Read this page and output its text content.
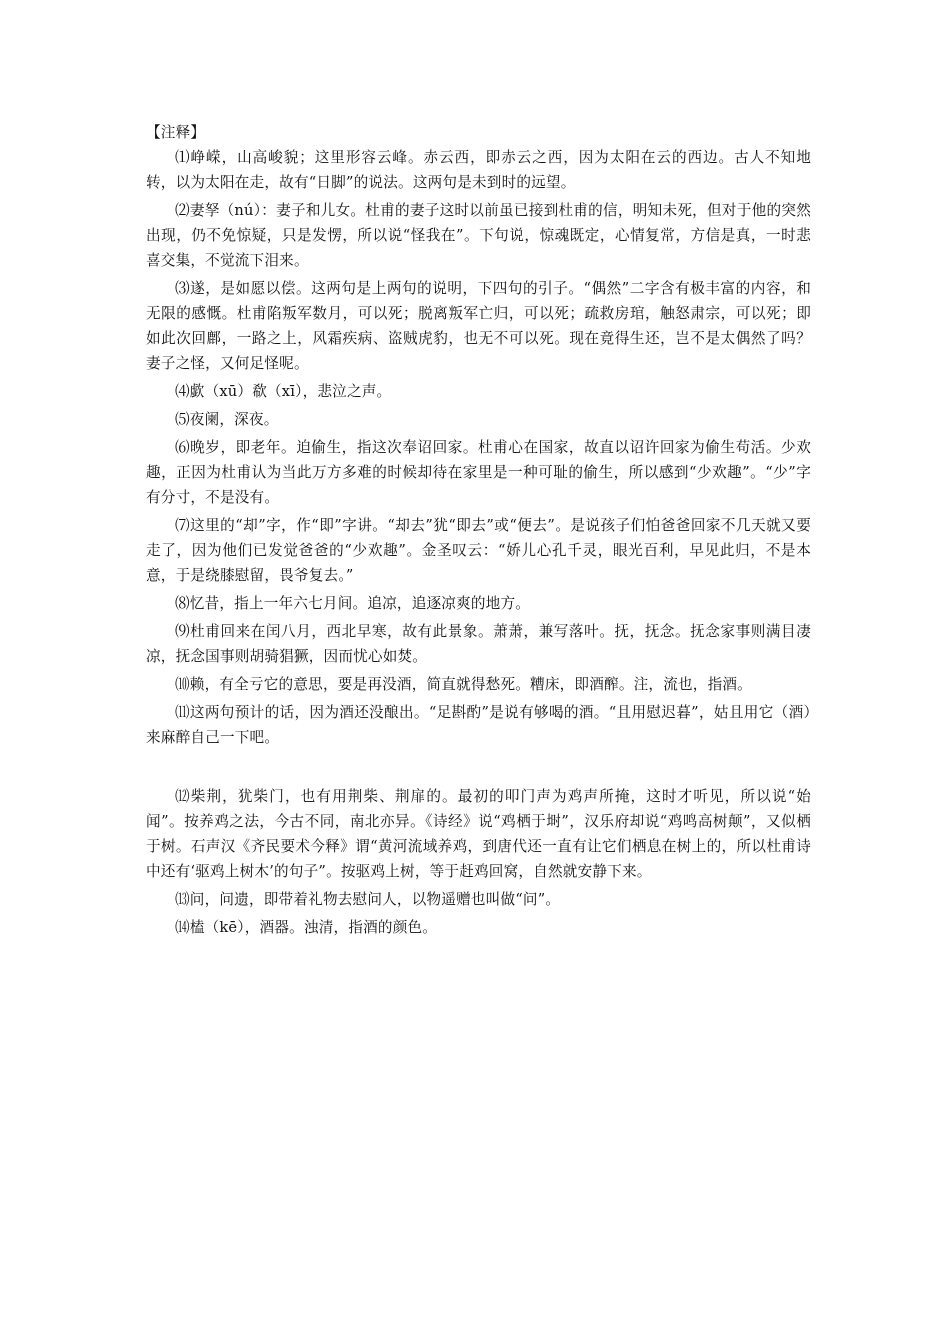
【注释】

⑴峥嵘，山高峻貌；这里形容云峰。赤云西，即赤云之西，因为太阳在云的西边。古人不知地转，以为太阳在走，故有“日脚”的说法。这两句是未到时的远望。

⑵妻孥（nú）：妻子和儿女。杜甫的妻子这时以前虽已接到杜甫的信，明知未死，但对于他的突然出现，仍不免惊疑，只是发愣，所以说“怪我在”。下句说，惊魂既定，心情复常，方信是真，一时悲喜交集，不觉流下泪来。

⑶遂，是如愿以偿。这两句是上两句的说明，下四句的引子。“偶然”二字含有极丰富的内容，和无限的感慨。杜甫陷叛军数月，可以死；脱离叛军亡归，可以死；疏救房琯，触怒肃宗，可以死；即如此次回鄜，一路之上，风霜疾病、盗贼虎豹，也无不可以死。现在竟得生还，岂不是太偶然了吗？妻子之怪，又何足怪呢。

⑷歔（xū）欷（xī），悲泣之声。

⑸夜阑，深夜。

⑹晚岁，即老年。迫偷生，指这次奉诏回家。杜甫心在国家，故直以诏许回家为偷生苟活。少欢趣，正因为杜甫认为当此万方多难的时候却待在家里是一种可耻的偷生，所以感到“少欢趣”。“少”字有分寸，不是没有。

⑺这里的“却”字，作“即”字讲。“却去”犹“即去”或“便去”。是说孩子们怕爸爸回家不几天就又要走了，因为他们已发觉爸爸的“少欢趣”。金圣叹云：“娇儿心孔千灵，眼光百利，早见此归，不是本意，于是绕膝慰留，畏爷复去。”

⑻忆昔，指上一年六七月间。追凉，追逐凉爽的地方。

⑼杜甫回来在闰八月，西北早寒，故有此景象。萧萧，兼写落叶。抚，抚念。抚念家事则满目凄凉，抚念国事则胡骑猖獗，因而忧心如焚。

⑽赖，有全亏它的意思，要是再没酒，简直就得愁死。糟床，即酒醡。注，流也，指酒。

⑾这两句预计的话，因为酒还没酿出。“足斟酌”是说有够喝的酒。“且用慰迟暮”，姑且用它（酒）来麻醉自己一下吧。

⑿柴荆，犹柴门，也有用荆柴、荆扉的。最初的叩门声为鸡声所掩，这时才听见，所以说“始闻”。按养鸡之法，今古不同，南北亦异。《诗经》说“鸡栖于埘”，汉乐府却说“鸡鸣高树颠”，又似栖于树。石声汉《齐民要术今释》谓“黄河流域养鸡，到唐代还一直有让它们栖息在树上的，所以杜甫诗中还有‘驱鸡上树木’的句子”。按驱鸡上树，等于赶鸡回窝，自然就安静下来。

⒀问，问遗，即带着礼物去慰问人，以物遥赠也叫做“问”。

⒁榼（kē），酒器。浊清，指酒的颜色。
